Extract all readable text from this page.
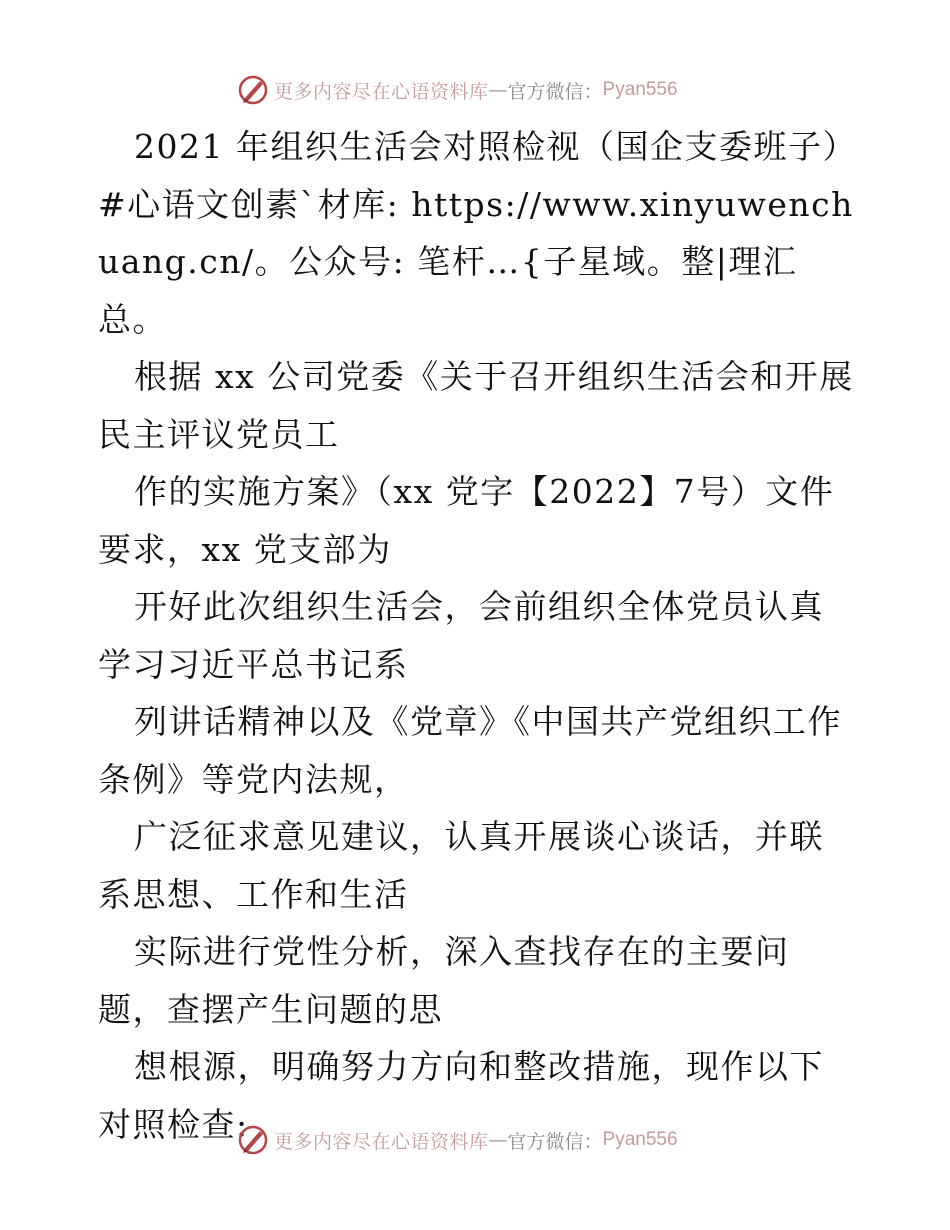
更多内容尽在心语资料库 — 官方微信： Pyan556

2021 年组织生活会对照检视（国企支委班子）#心语文创素`材库: https://www.xinyuwenchuang.cn/。公众号: 笔杆…{子星域。整|理汇总。

根据 xx 公司党委《关于召开组织生活会和开展民主评议党员工

作的实施方案》（xx 党字【2022】7号）文件要求，xx 党支部为

开好此次组织生活会，会前组织全体党员认真学习习近平总书记系

列讲话精神以及《党章》《中国共产党组织工作条例》等党内法规，

广泛征求意见建议，认真开展谈心谈话，并联系思想、工作和生活

实际进行党性分析，深入查找存在的主要问题，查摆产生问题的思

想根源，明确努力方向和整改措施，现作以下对照检查:	更多内容尽在心语资料库 — 官方微信： Pyan556
